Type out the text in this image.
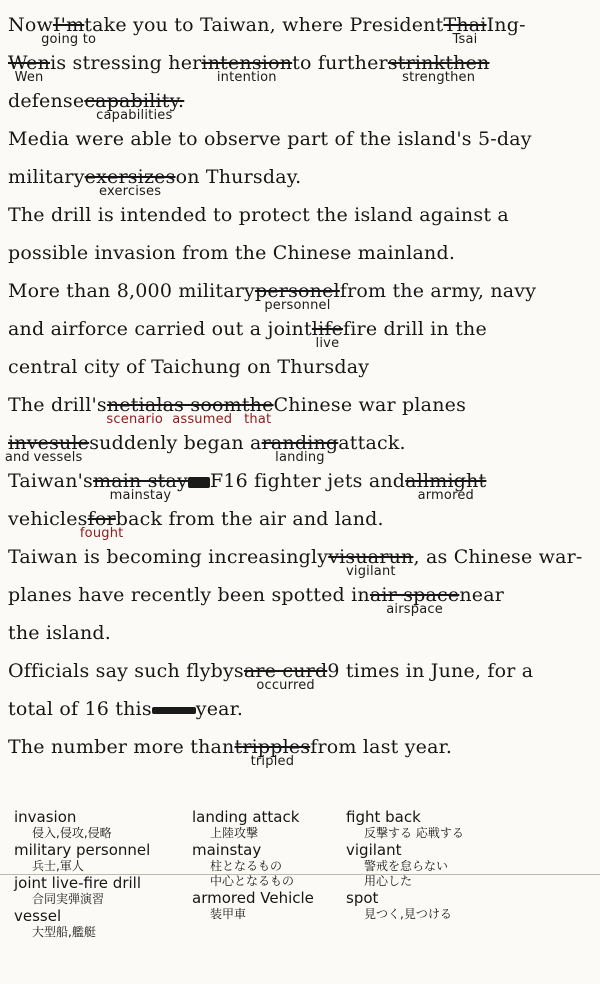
NowI'm
going to
take you to Taiwan, where PresidentThai
Tsai
Ing-
Wen
Wen
is stressing herintension
intention
to furtherstrinkthen
strengthen
defensecapability.
capabilities
Media were able to observe part of the island's 5-day
militaryexersizes
exercises
on Thursday.
The drill is intended to protect the island against a
possible invasion from the Chinese mainland.
More than 8,000 militarypersonel
personnel
from the army, navy
and airforce carried out a jointlife
live
fire drill in the
central city of Taichung on Thursday
The drill'snetial
scenario
as soom
assumed
the
that
Chinese war planes
in
and
vesule
vessels
suddenly began aranding
landing
attack.
Taiwan'smain stay
mainstay
F16 fighter jets andallmight
armored
vehiclesfor
fought
back from the air and land.
Taiwan is becoming increasinglyvisuarun
vigilant
, as Chinese war-
planes have recently been spotted inair space
airspace
near
the island.
Officials say such flybysare curd
occurred
9 times in June, for a
total of 16 thisyear.
The number more thantripples
tripled
from last year.
invasion
侵入,侵攻,侵略
military personnel
兵士,軍人
joint live-fire drill
合同実弾演習
vessel
大型船,艦艇
landing attack
上陸攻撃
mainstay
柱となるもの
中心となるもの
armored Vehicle
装甲車
fight back
反撃する 応戦する
vigilant
警戒を怠らない
用心した
spot
見つく,見つける
